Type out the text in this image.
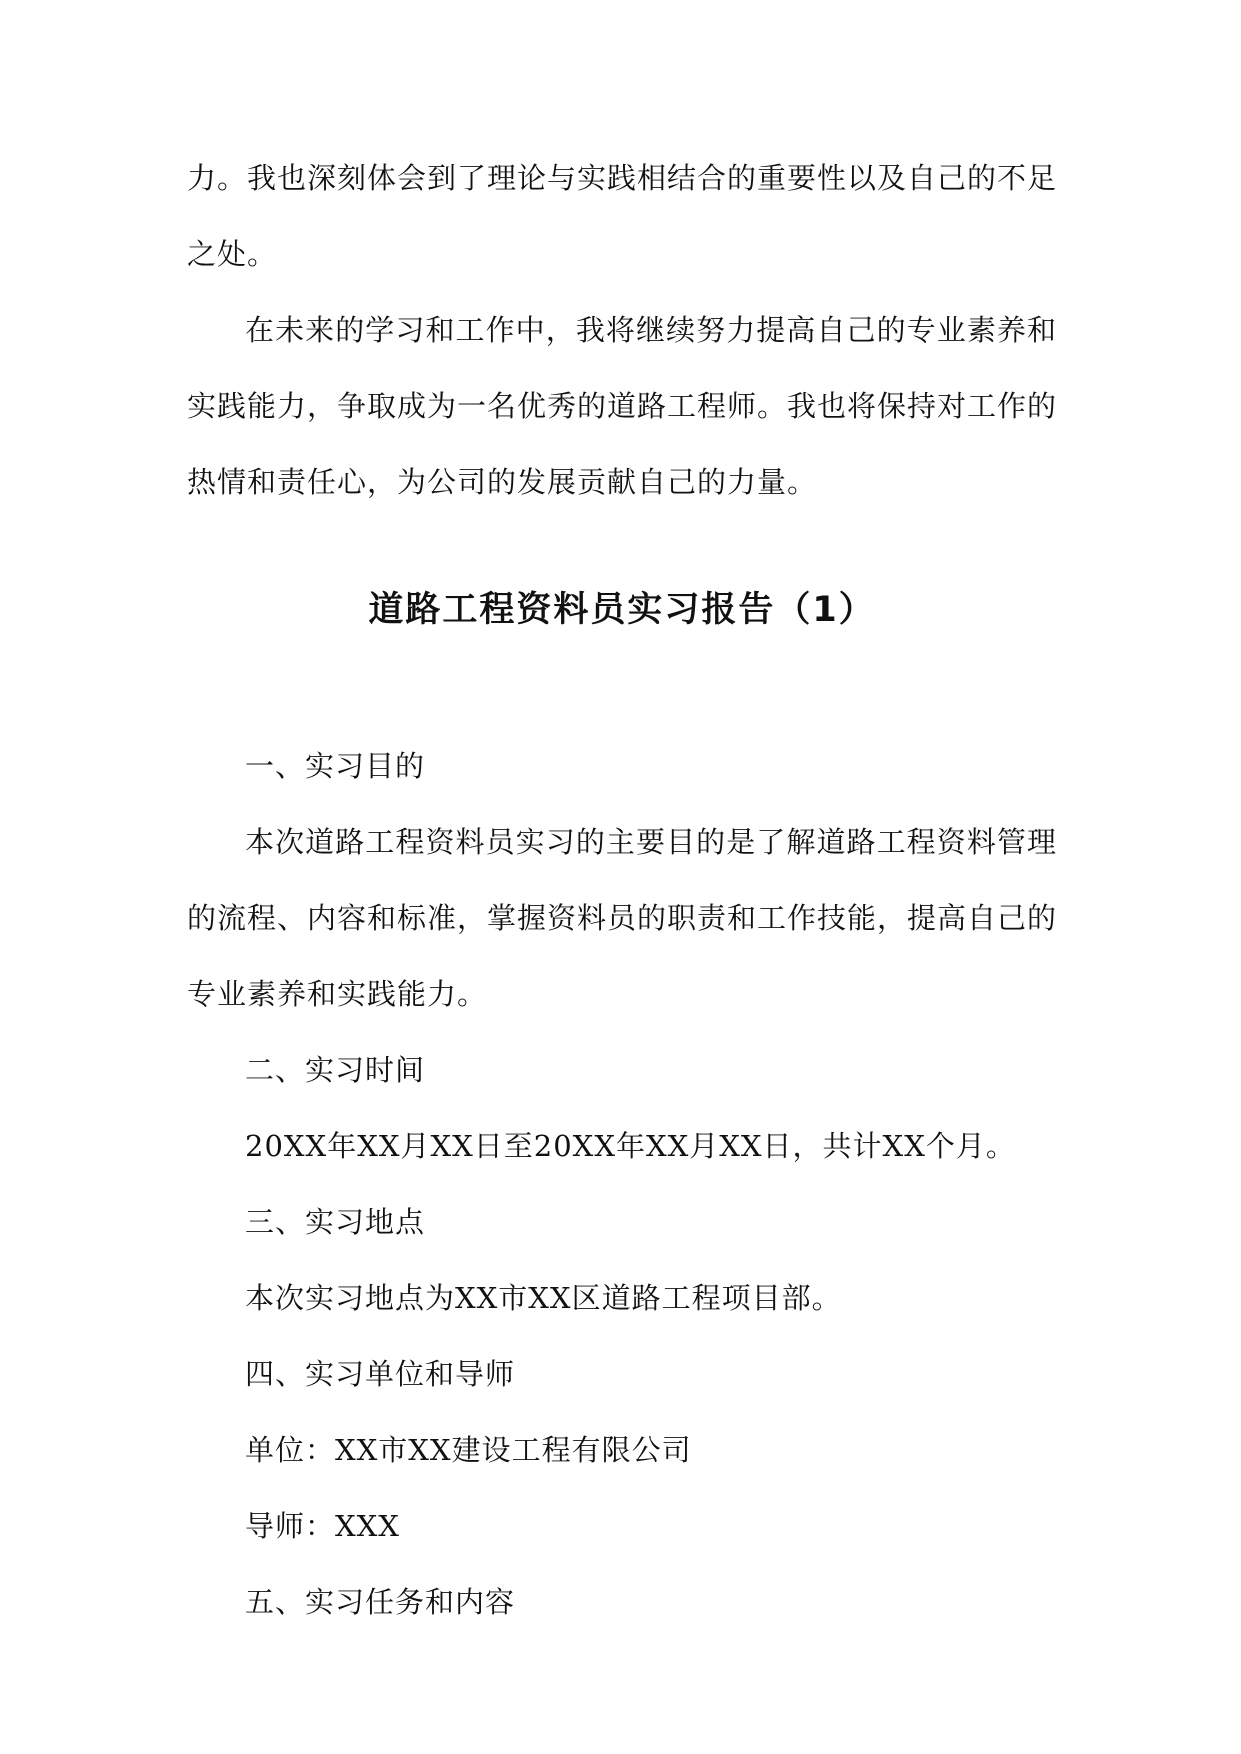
力。我也深刻体会到了理论与实践相结合的重要性以及自己的不足之处。

在未来的学习和工作中，我将继续努力提高自己的专业素养和实践能力，争取成为一名优秀的道路工程师。我也将保持对工作的热情和责任心，为公司的发展贡献自己的力量。

道路工程资料员实习报告（1）

一、实习目的

本次道路工程资料员实习的主要目的是了解道路工程资料管理的流程、内容和标准，掌握资料员的职责和工作技能，提高自己的专业素养和实践能力。

二、实习时间

20XX年XX月XX日至20XX年XX月XX日，共计XX个月。

三、实习地点

本次实习地点为XX市XX区道路工程项目部。

四、实习单位和导师

单位：XX市XX建设工程有限公司

导师：XXX

五、实习任务和内容
